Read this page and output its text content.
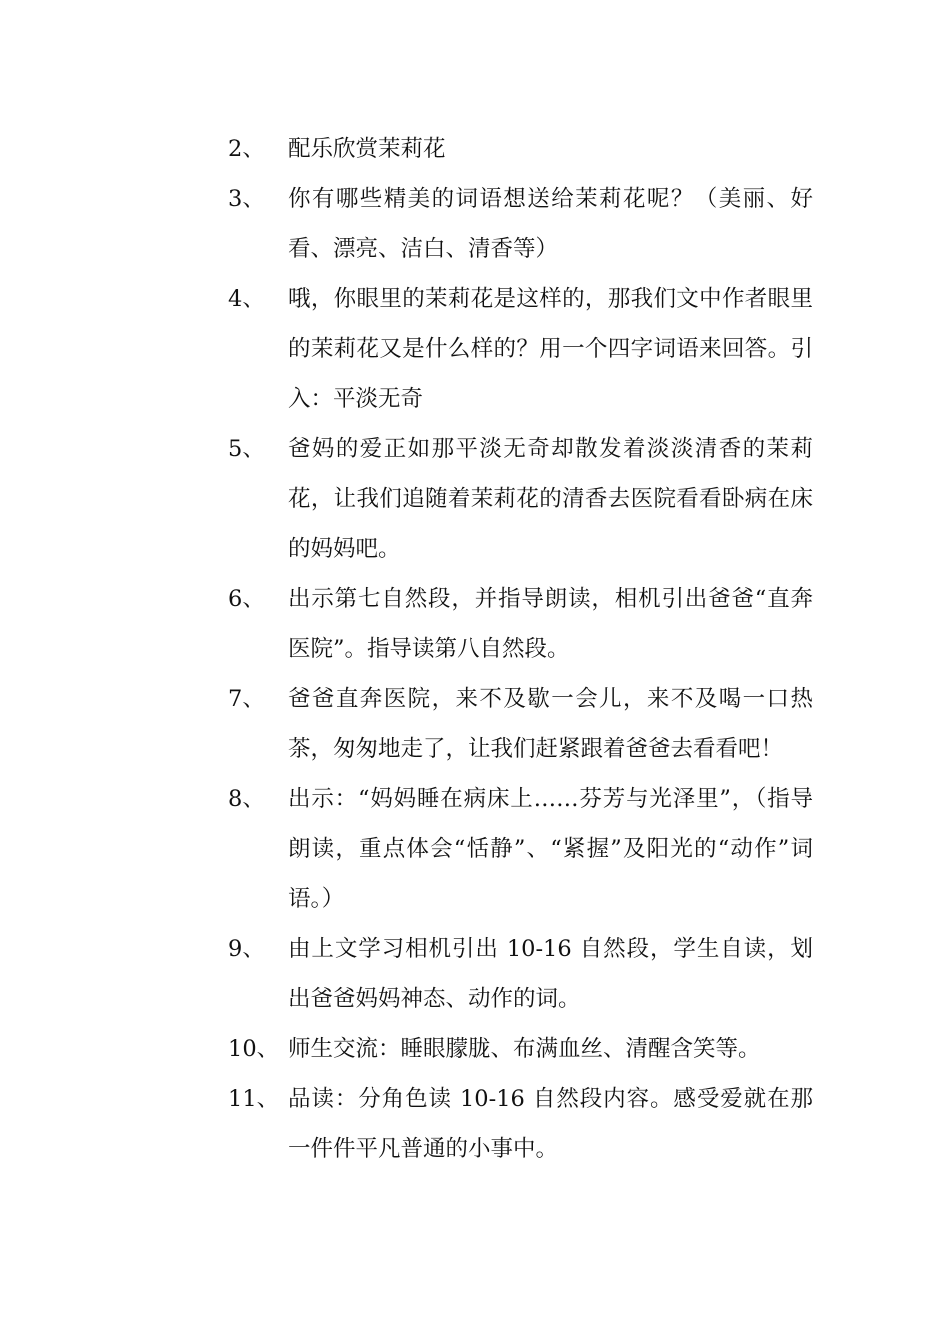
2、	配乐欣赏茉莉花
3、	你有哪些精美的词语想送给茉莉花呢？（美丽、好看、漂亮、洁白、清香等）
4、	哦，你眼里的茉莉花是这样的，那我们文中作者眼里的茉莉花又是什么样的？用一个四字词语来回答。引入：平淡无奇
5、	爸妈的爱正如那平淡无奇却散发着淡淡清香的茉莉花，让我们追随着茉莉花的清香去医院看看卧病在床的妈妈吧。
6、	出示第七自然段，并指导朗读，相机引出爸爸“直奔医院”。指导读第八自然段。
7、	爸爸直奔医院，来不及歇一会儿，来不及喝一口热茶，匆匆地走了，让我们赶紧跟着爸爸去看看吧！
8、	出示：“妈妈睡在病床上……芬芳与光泽里”，（指导朗读，重点体会“恬静”、“紧握”及阳光的“动作”词语。）
9、	由上文学习相机引出 10-16 自然段，学生自读，划出爸爸妈妈神态、动作的词。
10、 师生交流：睡眼朦胧、布满血丝、清醒含笑等。
11、 品读：分角色读 10-16 自然段内容。感受爱就在那一件件平凡普通的小事中。
